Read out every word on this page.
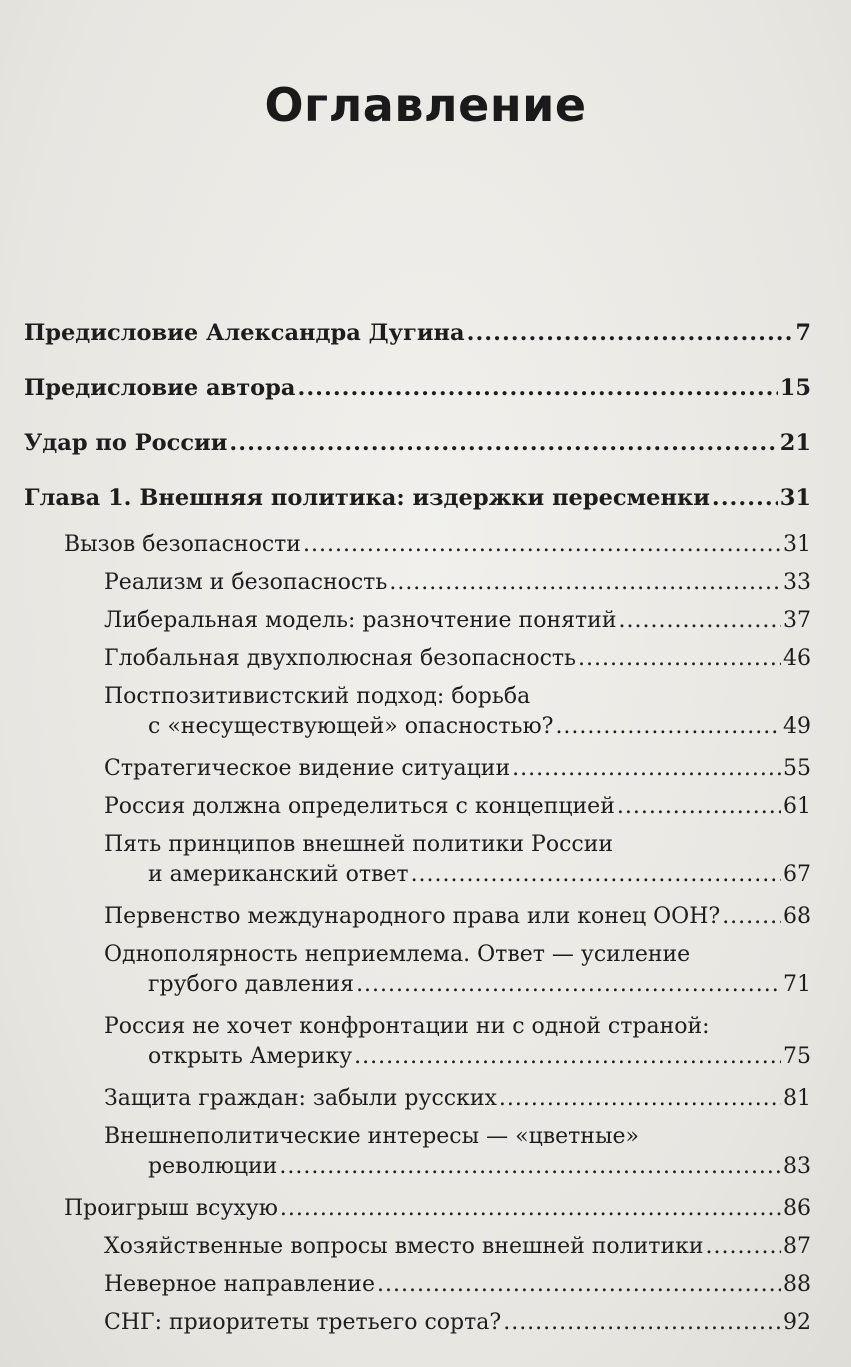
Оглавление
Предисловие Александра Дугина .....	7
Предисловие автора .....	15
Удар по России .....	21
Глава 1. Внешняя политика: издержки пересменки .....	31
Вызов безопасности .....	31
Реализм и безопасность .....	33
Либеральная модель: разночтение понятий .....	37
Глобальная двухполюсная безопасность .....	46
Постпозитивистский подход: борьба
с «несуществующей» опасностью? .....	49
Стратегическое видение ситуации .....	55
Россия должна определиться с концепцией .....	61
Пять принципов внешней политики России
и американский ответ .....	67
Первенство международного права или конец ООН? .....	68
Однополярность неприемлема. Ответ — усиление
грубого давления .....	71
Россия не хочет конфронтации ни с одной страной:
открыть Америку .....	75
Защита граждан: забыли русских .....	81
Внешнеполитические интересы — «цветные»
революции .....	83
Проигрыш всухую .....	86
Хозяйственные вопросы вместо внешней политики .....	87
Неверное направление .....	88
СНГ: приоритеты третьего сорта? .....	92
